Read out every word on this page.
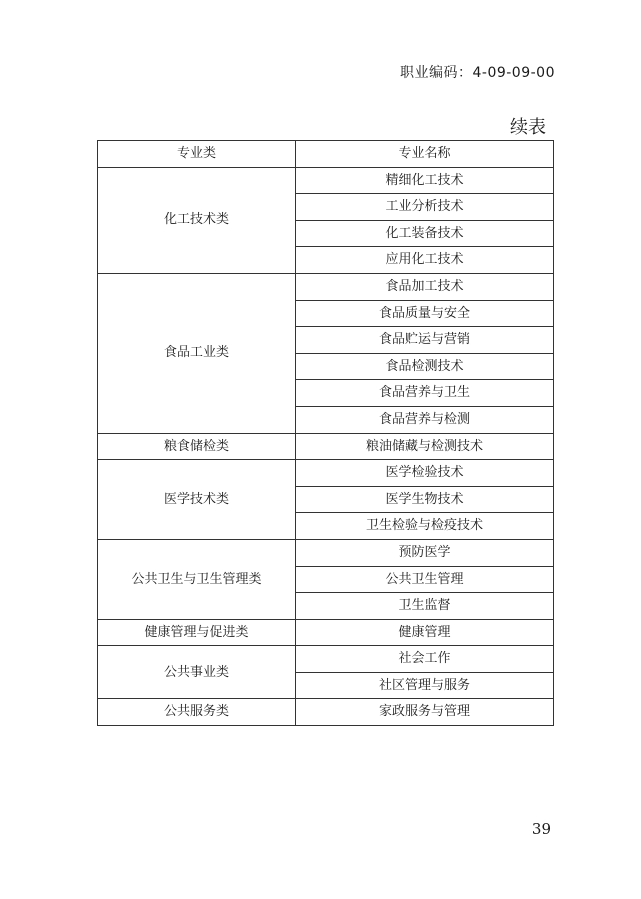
职业编码：4-09-09-00
续表
专业类	专业名称
化工技术类	精细化工技术
	工业分析技术
	化工装备技术
	应用化工技术
食品工业类	食品加工技术
	食品质量与安全
	食品贮运与营销
	食品检测技术
	食品营养与卫生
	食品营养与检测
粮食储检类	粮油储藏与检测技术
医学技术类	医学检验技术
	医学生物技术
	卫生检验与检疫技术
公共卫生与卫生管理类	预防医学
	公共卫生管理
	卫生监督
健康管理与促进类	健康管理
公共事业类	社会工作
	社区管理与服务
公共服务类	家政服务与管理
39
